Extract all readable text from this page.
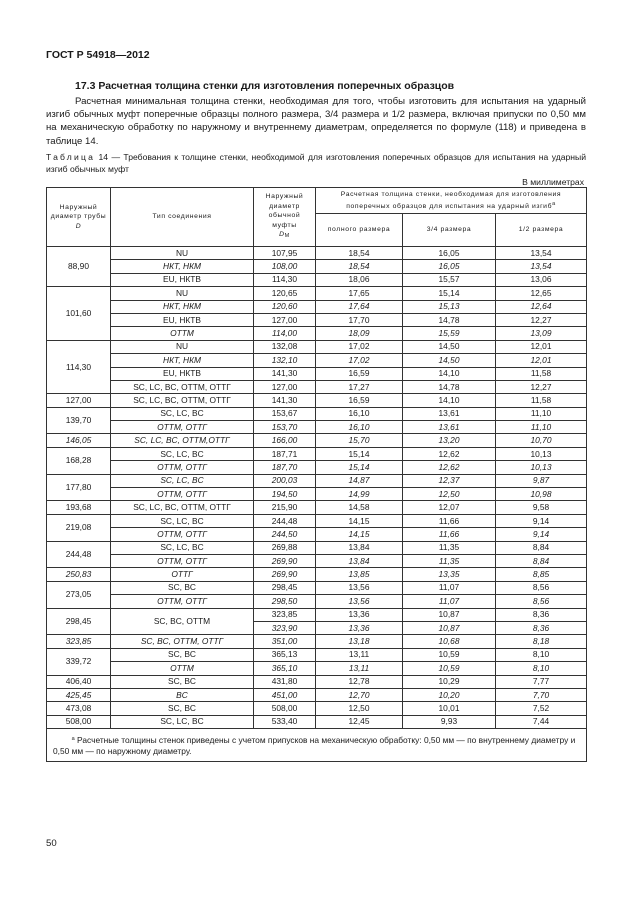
ГОСТ Р 54918—2012
17.3 Расчетная толщина стенки для изготовления поперечных образцов
Расчетная минимальная толщина стенки, необходимая для того, чтобы изготовить для испытания на ударный изгиб обычных муфт поперечные образцы полного размера, 3/4 размера и 1/2 размера, включая припуски по 0,50 мм на механическую обработку по наружному и внутреннему диаметрам, определяется по формуле (118) и приведена в таблице 14.
Таблица 14 — Требования к толщине стенки, необходимой для изготовления поперечных образцов для испытания на ударный изгиб обычных муфт
В миллиметрах
Наружный диаметр трубы
D	Тип соединения	Наружный диаметр обычной муфты
DM	Расчетная толщина стенки, необходимая для изготовления поперечных образцов для испытания на ударный изгиб$^a$
			полного размера	3/4 размера	1/2 размера
88,90	NU	107,95	18,54	16,05	13,54
	НКТ, НКМ	108,00	18,54	16,05	13,54
	EU, НКТВ	114,30	18,06	15,57	13,06
101,60	NU	120,65	17,65	15,14	12,65
	НКТ, НКМ	120,60	17,64	15,13	12,64
	EU, НКТВ	127,00	17,70	14,78	12,27
	ОТТМ	114,00	18,09	15,59	13,09
114,30	NU	132,08	17,02	14,50	12,01
	НКТ, НКМ	132,10	17,02	14,50	12,01
	EU, НКТВ	141,30	16,59	14,10	11,58
	SC, LC, BC, ОТТМ, ОТТГ	127,00	17,27	14,78	12,27
127,00	SC, LC, BC, ОТТМ, ОТТГ	141,30	16,59	14,10	11,58
139,70	SC, LC, BC	153,67	16,10	13,61	11,10
	ОТТМ, ОТТГ	153,70	16,10	13,61	11,10
146,05	SC, LC, BC, ОТТМ,ОТТГ	166,00	15,70	13,20	10,70
168,28	SC, LC, BC	187,71	15,14	12,62	10,13
	ОТТМ, ОТТГ	187,70	15,14	12,62	10,13
177,80	SC, LC, BC	200,03	14,87	12,37	9,87
	ОТТМ, ОТТГ	194,50	14,99	12,50	10,98
193,68	SC, LC, BC, ОТТМ, ОТТГ	215,90	14,58	12,07	9,58
219,08	SC, LC, BC	244,48	14,15	11,66	9,14
	ОТТМ, ОТТГ	244,50	14,15	11,66	9,14
244,48	SC, LC, BC	269,88	13,84	11,35	8,84
	ОТТМ, ОТТГ	269,90	13,84	11,35	8,84
250,83	ОТТГ	269,90	13,85	13,35	8,85
273,05	SC, BC	298,45	13,56	11,07	8,56
	ОТТМ, ОТТГ	298,50	13,56	11,07	8,56
298,45	SC, BC, ОТТМ	323,85	13,36	10,87	8,36
		323,90	13,36	10,87	8,36
323,85	SC, BC, ОТТМ, ОТТГ	351,00	13,18	10,68	8,18
339,72	SC, BC	365,13	13,11	10,59	8,10
	ОТТМ	365,10	13,11	10,59	8,10
406,40	SC, BC	431,80	12,78	10,29	7,77
425,45	BC	451,00	12,70	10,20	7,70
473,08	SC, BC	508,00	12,50	10,01	7,52
508,00	SC, LC, BC	533,40	12,45	9,93	7,44
$^a$ Расчетные толщины стенок приведены с учетом припусков на механическую обработку: 0,50 мм — по внутреннему диаметру и 0,50 мм — по наружному диаметру.					
50
